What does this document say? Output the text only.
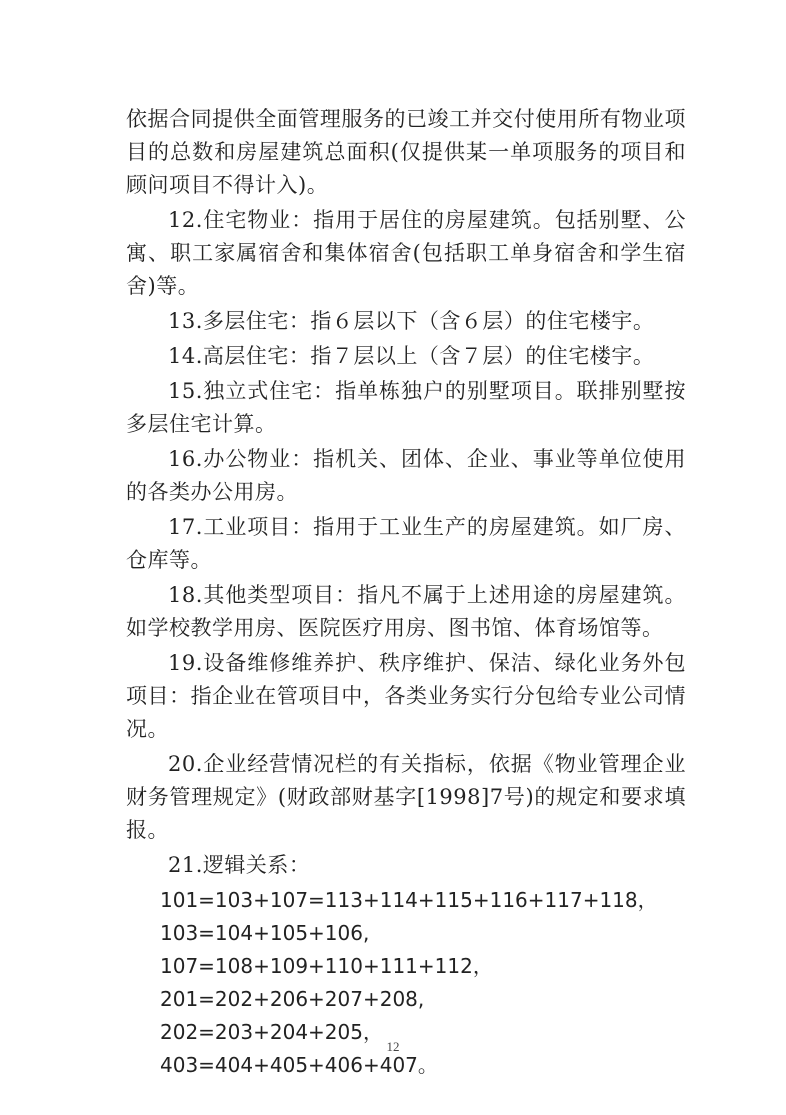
依据合同提供全面管理服务的已竣工并交付使用所有物业项目的总数和房屋建筑总面积(仅提供某一单项服务的项目和顾问项目不得计入)。

12.住宅物业：指用于居住的房屋建筑。包括别墅、公寓、职工家属宿舍和集体宿舍(包括职工单身宿舍和学生宿舍)等。

13.多层住宅：指６层以下（含６层）的住宅楼宇。

14.高层住宅：指７层以上（含７层）的住宅楼宇。

15.独立式住宅：指单栋独户的别墅项目。联排别墅按多层住宅计算。

16.办公物业：指机关、团体、企业、事业等单位使用的各类办公用房。

17.工业项目：指用于工业生产的房屋建筑。如厂房、仓库等。

18.其他类型项目：指凡不属于上述用途的房屋建筑。如学校教学用房、医院医疗用房、图书馆、体育场馆等。

19.设备维修维养护、秩序维护、保洁、绿化业务外包项目：指企业在管项目中，各类业务实行分包给专业公司情况。

20.企业经营情况栏的有关指标，依据《物业管理企业财务管理规定》(财政部财基字[1998]7号)的规定和要求填报。

21.逻辑关系：

101=103+107=113+114+115+116+117+118，

103=104+105+106,

107=108+109+110+111+112，

201=202+206+207+208,

202=203+204+205，

403=404+405+406+407。

12
